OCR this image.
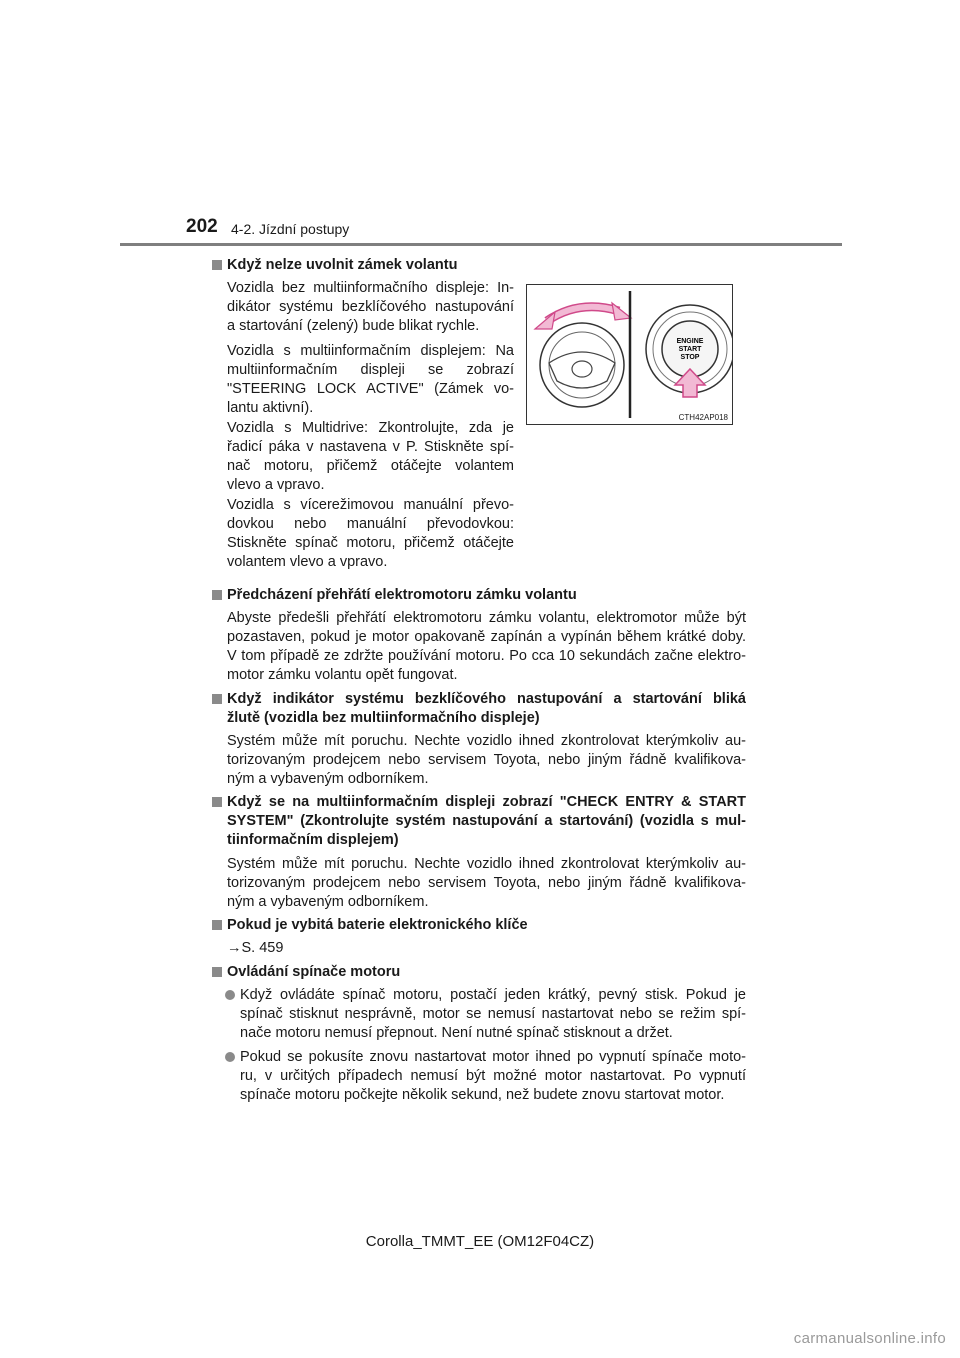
202 4-2. Jízdní postupy
Když nelze uvolnit zámek volantu
Vozidla bez multiinformačního displeje: In-
dikátor systému bezklíčového nastupování
a startování (zelený) bude blikat rychle.
Vozidla s multiinformačním displejem: Na
multiinformačním displeji se zobrazí
"STEERING LOCK ACTIVE" (Zámek vo-
lantu aktivní).
Vozidla s Multidrive: Zkontrolujte, zda je
řadicí páka v nastavena v P. Stiskněte spí-
nač motoru, přičemž otáčejte volantem
vlevo a vpravo.
Vozidla s vícerežimovou manuální převo-
dovkou nebo manuální převodovkou:
Stiskněte spínač motoru, přičemž otáčejte
volantem vlevo a vpravo.
ENGINE
START
STOP
CTH42AP018
Předcházení přehřátí elektromotoru zámku volantu
Abyste předešli přehřátí elektromotoru zámku volantu, elektromotor může být
pozastaven, pokud je motor opakovaně zapínán a vypínán během krátké doby.
V tom případě ze zdržte používání motoru. Po cca 10 sekundách začne elektro-
motor zámku volantu opět fungovat.
Když indikátor systému bezklíčového nastupování a startování bliká
žlutě (vozidla bez multiinformačního displeje)
Systém může mít poruchu. Nechte vozidlo ihned zkontrolovat kterýmkoliv au-
torizovaným prodejcem nebo servisem Toyota, nebo jiným řádně kvalifikova-
ným a vybaveným odborníkem.
Když se na multiinformačním displeji zobrazí "CHECK ENTRY & START
SYSTEM" (Zkontrolujte systém nastupování a startování) (vozidla s mul-
tiinformačním displejem)
Systém může mít poruchu. Nechte vozidlo ihned zkontrolovat kterýmkoliv au-
torizovaným prodejcem nebo servisem Toyota, nebo jiným řádně kvalifikova-
ným a vybaveným odborníkem.
Pokud je vybitá baterie elektronického klíče
→S. 459
Ovládání spínače motoru
Když ovládáte spínač motoru, postačí jeden krátký, pevný stisk. Pokud je
spínač stisknut nesprávně, motor se nemusí nastartovat nebo se režim spí-
nače motoru nemusí přepnout. Není nutné spínač stisknout a držet.
Pokud se pokusíte znovu nastartovat motor ihned po vypnutí spínače moto-
ru, v určitých případech nemusí být možné motor nastartovat. Po vypnutí
spínače motoru počkejte několik sekund, než budete znovu startovat motor.
Corolla_TMMT_EE (OM12F04CZ)
carmanualsonline.info
